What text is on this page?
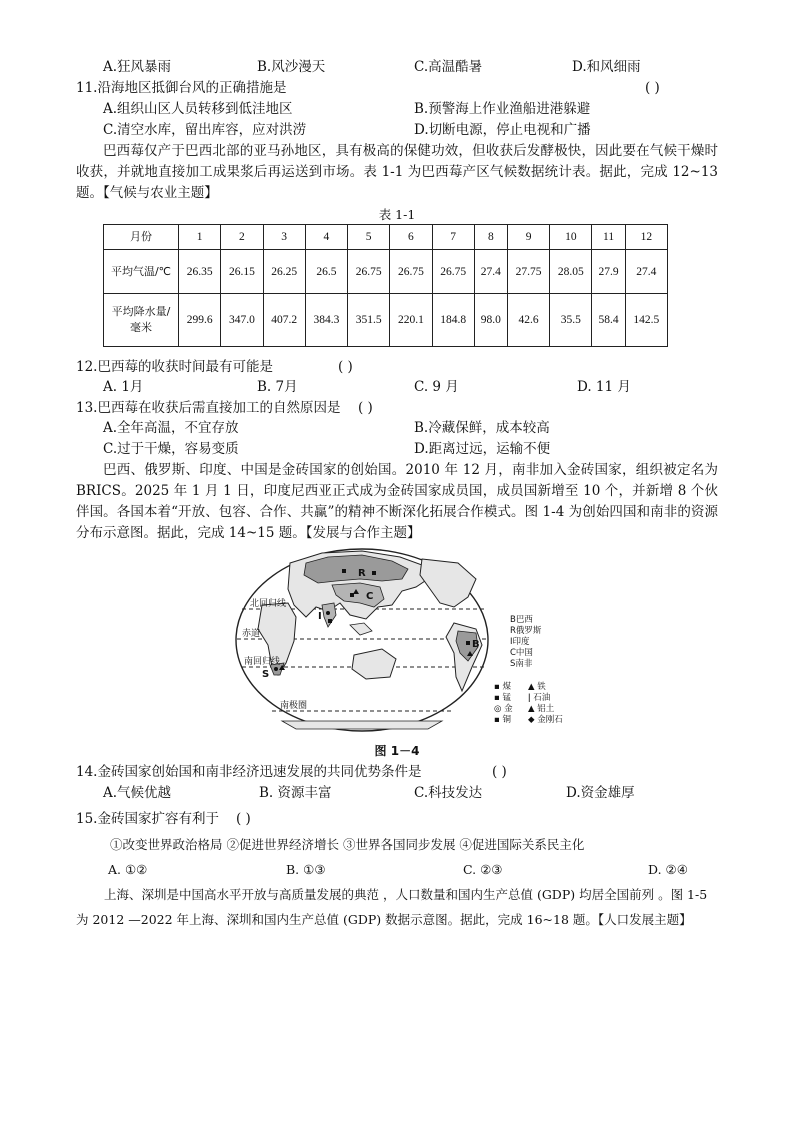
A.狂风暴雨	B.风沙漫天	C.高温酷暑	D.和风细雨
11.沿海地区抵御台风的正确措施是	( )
A.组织山区人员转移到低洼地区	B.预警海上作业渔船进港躲避
C.清空水库，留出库容，应对洪涝	D.切断电源，停止电视和广播
巴西莓仅产于巴西北部的亚马孙地区，具有极高的保健功效，但收获后发酵极快，因此要在气候干燥时收获，并就地直接加工成果浆后再运送到市场。表 1-1 为巴西莓产区气候数据统计表。据此，完成 12~13 题。【气候与农业主题】
表 1-1
月份	1	2	3	4	5	6	7	8	9	10	11	12
平均气温/℃	26.35	26.15	26.25	26.5	26.75	26.75	26.75	27.4	27.75	28.05	27.9	27.4
平均降水量/
毫米	299.6	347.0	407.2	384.3	351.5	220.1	184.8	98.0	42.6	35.5	58.4	142.5
12.巴西莓的收获时间最有可能是	( )
A. 1月	B. 7月	C. 9 月	D. 11 月
13.巴西莓在收获后需直接加工的自然原因是 ( )
A.全年高温，不宜存放	B.冷藏保鲜，成本较高
C.过于干燥，容易变质	D.距离过远，运输不便
巴西、俄罗斯、印度、中国是金砖国家的创始国。2010 年 12 月，南非加入金砖国家，组织被定名为 BRICS。2025 年 1 月 1 日，印度尼西亚正式成为金砖国家成员国，成员国新增至 10 个，并新增 8 个伙伴国。各国本着“开放、包容、合作、共赢”的精神不断深化拓展合作模式。图 1-4 为创始四国和南非的资源分布示意图。据此，完成 14~15 题。【发展与合作主题】
R
C
I
B
S
北回归线
赤道
南回归线
南极圈
B巴西
R俄罗斯
I印度
C中国
S南非
▪ 煤	▲ 铁
▪ 锰	ǀ 石油
◎ 金	▲ 铝土
▪ 铜	◆ 金刚石
图 1－4
14.金砖国家创始国和南非经济迅速发展的共同优势条件是	( )
A.气候优越	B. 资源丰富	C.科技发达	D.资金雄厚
15.金砖国家扩容有利于 ( )
①改变世界政治格局 ②促进世界经济增长 ③世界各国同步发展 ④促进国际关系民主化
A. ①②	B. ①③	C. ②③	D. ②④
上海、深圳是中国高水平开放与高质量发展的典范 ，人口数量和国内生产总值 (GDP) 均居全国前列 。图 1-5
为 2012 —2022 年上海、深圳和国内生产总值 (GDP) 数据示意图。据此，完成 16~18 题。【人口发展主题】
